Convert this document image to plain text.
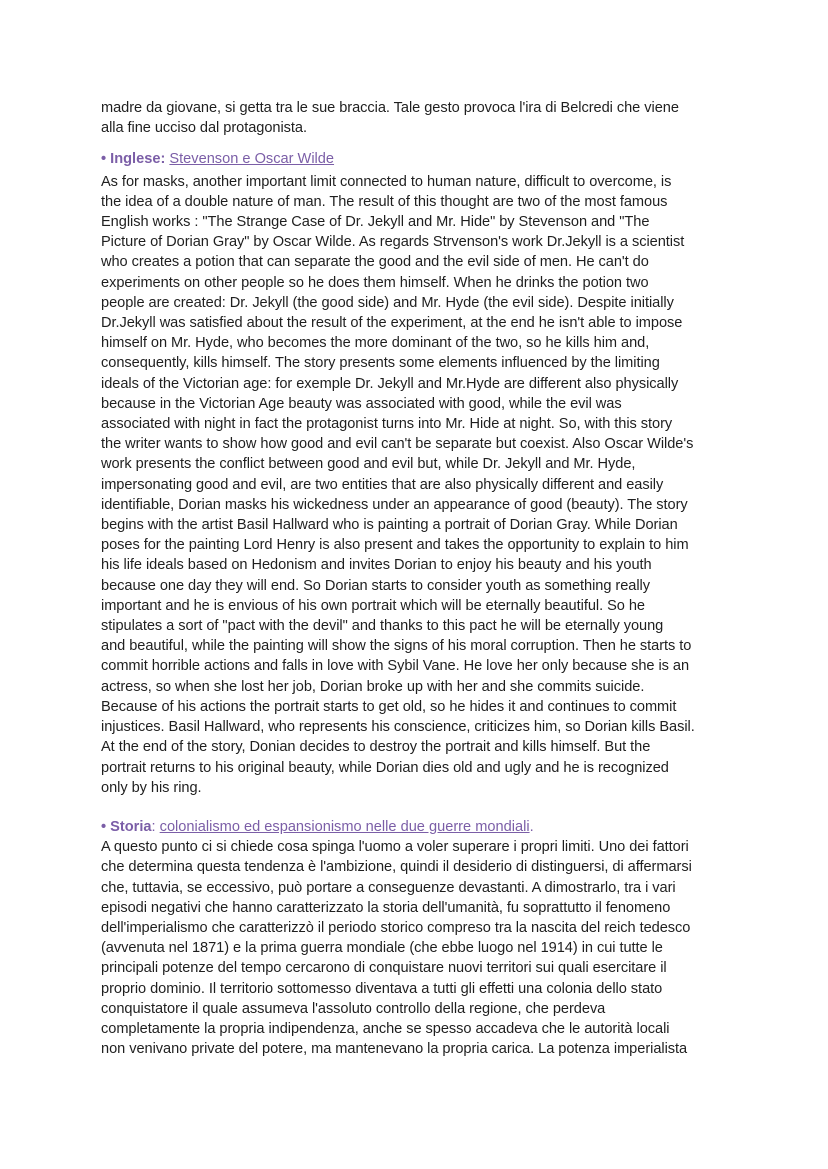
madre da giovane, si getta tra le sue braccia. Tale gesto provoca l'ira di Belcredi che viene
alla fine ucciso dal protagonista.

• Inglese: Stevenson e Oscar Wilde

As for masks, another important limit connected to human nature, difficult to overcome, is
the idea of a double nature of man. The result of this thought are two of the most famous
English works : "The Strange Case of Dr. Jekyll and Mr. Hide" by Stevenson and "The
Picture of Dorian Gray" by Oscar Wilde. As regards Strvenson's work Dr.Jekyll is a scientist
who creates a potion that can separate the good and the evil side of men. He can't do
experiments on other people so he does them himself. When he drinks the potion two
people are created: Dr. Jekyll (the good side) and Mr. Hyde (the evil side). Despite initially
Dr.Jekyll was satisfied about the result of the experiment, at the end he isn't able to impose
himself on Mr. Hyde, who becomes the more dominant of the two, so he kills him and,
consequently, kills himself. The story presents some elements influenced by the limiting
ideals of the Victorian age: for exemple Dr. Jekyll and Mr.Hyde are different also physically
because in the Victorian Age beauty was associated with good, while the evil was
associated with night in fact the protagonist turns into Mr. Hide at night. So, with this story
the writer wants to show how good and evil can't be separate but coexist. Also Oscar Wilde's
work presents the conflict between good and evil but, while Dr. Jekyll and Mr. Hyde,
impersonating good and evil, are two entities that are also physically different and easily
identifiable, Dorian masks his wickedness under an appearance of good (beauty). The story
begins with the artist Basil Hallward who is painting a portrait of Dorian Gray. While Dorian
poses for the painting Lord Henry is also present and takes the opportunity to explain to him
his life ideals based on Hedonism and invites Dorian to enjoy his beauty and his youth
because one day they will end. So Dorian starts to consider youth as something really
important and he is envious of his own portrait which will be eternally beautiful. So he
stipulates a sort of "pact with the devil" and thanks to this pact he will be eternally young
and beautiful, while the painting will show the signs of his moral corruption. Then he starts to
commit horrible actions and falls in love with Sybil Vane. He love her only because she is an
actress, so when she lost her job, Dorian broke up with her and she commits suicide.
Because of his actions the portrait starts to get old, so he hides it and continues to commit
injustices. Basil Hallward, who represents his conscience, criticizes him, so Dorian kills Basil.
At the end of the story, Donian decides to destroy the portrait and kills himself. But the
portrait returns to his original beauty, while Dorian dies old and ugly and he is recognized
only by his ring.

• Storia: colonialismo ed espansionismo nelle due guerre mondiali.

A questo punto ci si chiede cosa spinga l'uomo a voler superare i propri limiti. Uno dei fattori
che determina questa tendenza è l'ambizione, quindi il desiderio di distinguersi, di affermarsi
che, tuttavia, se eccessivo, può portare a conseguenze devastanti. A dimostrarlo, tra i vari
episodi negativi che hanno caratterizzato la storia dell'umanità, fu soprattutto il fenomeno
dell'imperialismo che caratterizzò il periodo storico compreso tra la nascita del reich tedesco
(avvenuta nel 1871) e la prima guerra mondiale (che ebbe luogo nel 1914) in cui tutte le
principali potenze del tempo cercarono di conquistare nuovi territori sui quali esercitare il
proprio dominio. Il territorio sottomesso diventava a tutti gli effetti una colonia dello stato
conquistatore il quale assumeva l'assoluto controllo della regione, che perdeva
completamente la propria indipendenza, anche se spesso accadeva che le autorità locali
non venivano private del potere, ma mantenevano la propria carica. La potenza imperialista
